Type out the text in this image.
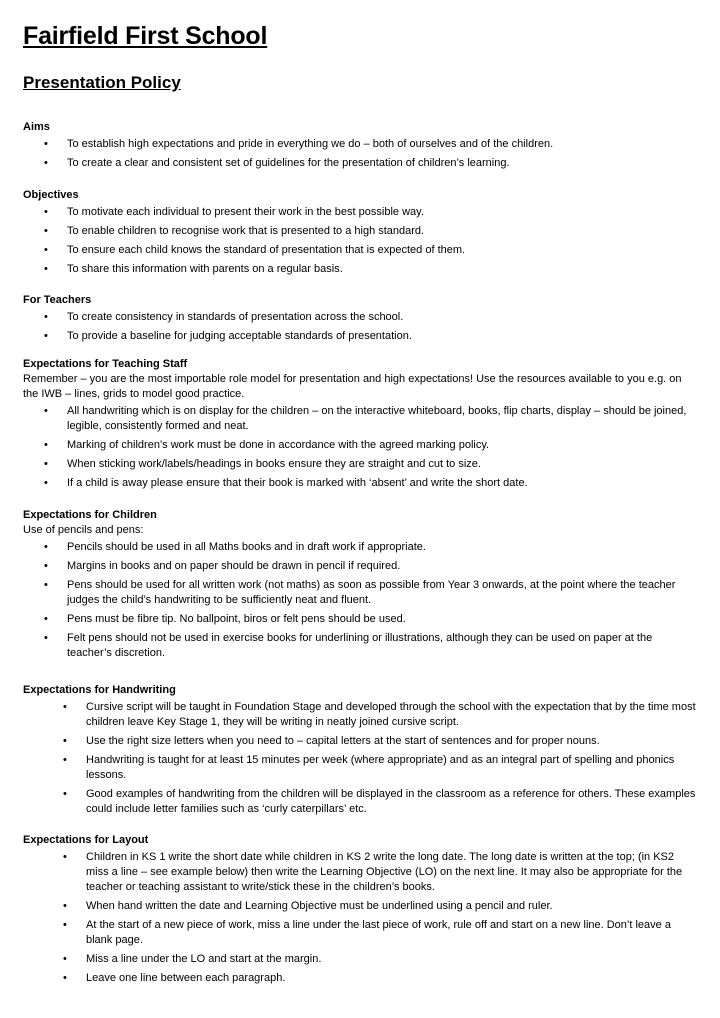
Fairfield First School
Presentation Policy

Aims

• To establish high expectations and pride in everything we do – both of ourselves and of the children.
• To create a clear and consistent set of guidelines for the presentation of children’s learning.

Objectives

• To motivate each individual to present their work in the best possible way.
• To enable children to recognise work that is presented to a high standard.
• To ensure each child knows the standard of presentation that is expected of them.
• To share this information with parents on a regular basis.

For Teachers

• To create consistency in standards of presentation across the school.
• To provide a baseline for judging acceptable standards of presentation.

Expectations for Teaching Staff

Remember – you are the most importable role model for presentation and high expectations! Use the resources available to you e.g. on the IWB – lines, grids to model good practice.

• All handwriting which is on display for the children – on the interactive whiteboard, books, flip charts, display – should be joined, legible, consistently formed and neat.
• Marking of children’s work must be done in accordance with the agreed marking policy.
• When sticking work/labels/headings in books ensure they are straight and cut to size.
• If a child is away please ensure that their book is marked with ‘absent’ and write the short date.

Expectations for Children

Use of pencils and pens:

• Pencils should be used in all Maths books and in draft work if appropriate.
• Margins in books and on paper should be drawn in pencil if required.
• Pens should be used for all written work (not maths) as soon as possible from Year 3 onwards, at the point where the teacher judges the child’s handwriting to be sufficiently neat and fluent.
• Pens must be fibre tip. No ballpoint, biros or felt pens should be used.
• Felt pens should not be used in exercise books for underlining or illustrations, although they can be used on paper at the teacher’s discretion.

Expectations for Handwriting

• Cursive script will be taught in Foundation Stage and developed through the school with the expectation that by the time most children leave Key Stage 1, they will be writing in neatly joined cursive script.
• Use the right size letters when you need to – capital letters at the start of sentences and for proper nouns.
• Handwriting is taught for at least 15 minutes per week (where appropriate) and as an integral part of spelling and phonics lessons.
• Good examples of handwriting from the children will be displayed in the classroom as a reference for others. These examples could include letter families such as ‘curly caterpillars’ etc.

Expectations for Layout

• Children in KS 1 write the short date while children in KS 2 write the long date. The long date is written at the top; (in KS2 miss a line – see example below) then write the Learning Objective (LO) on the next line. It may also be appropriate for the teacher or teaching assistant to write/stick these in the children’s books.
• When hand written the date and Learning Objective must be underlined using a pencil and ruler.
• At the start of a new piece of work, miss a line under the last piece of work, rule off and start on a new line. Don’t leave a blank page.
• Miss a line under the LO and start at the margin.
• Leave one line between each paragraph.
